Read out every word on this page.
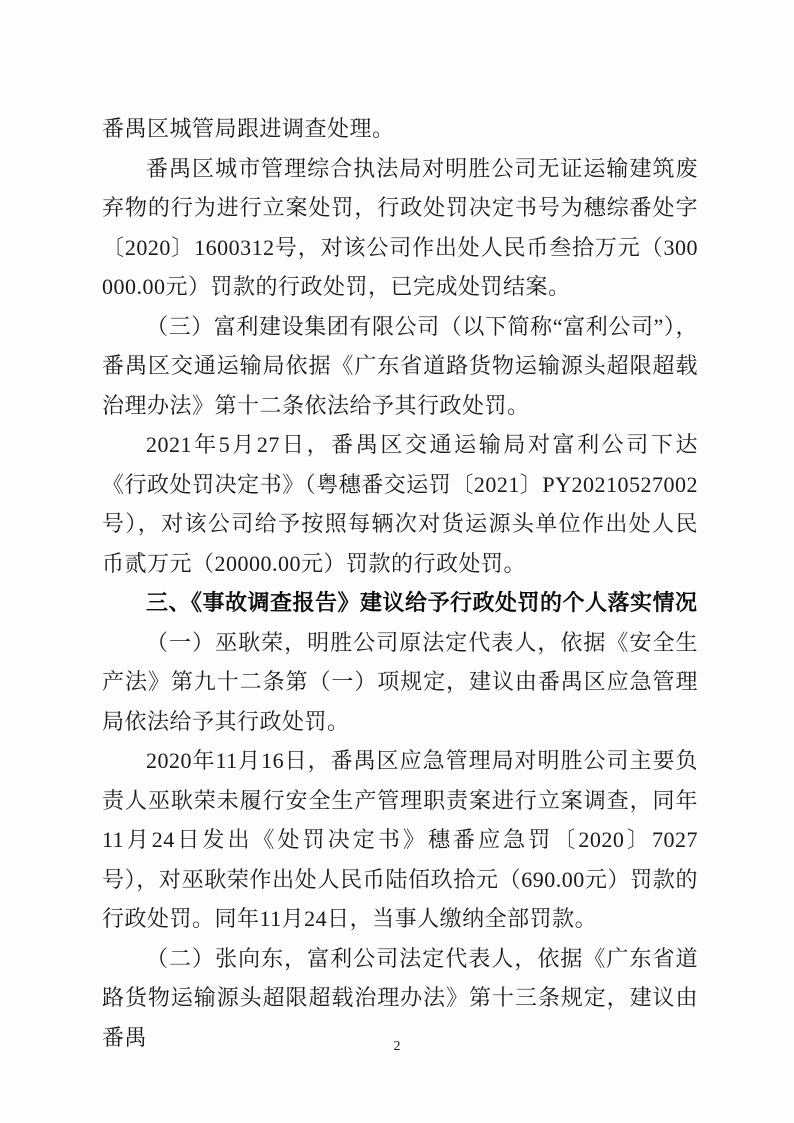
番禺区城管局跟进调查处理。

番禺区城市管理综合执法局对明胜公司无证运输建筑废弃物的行为进行立案处罚，行政处罚决定书号为穗综番处字〔2020〕1600312号，对该公司作出处人民币叁拾万元（300000.00元）罚款的行政处罚，已完成处罚结案。

（三）富利建设集团有限公司（以下简称“富利公司”），番禺区交通运输局依据《广东省道路货物运输源头超限超载治理办法》第十二条依法给予其行政处罚。

2021年5月27日，番禺区交通运输局对富利公司下达《行政处罚决定书》（粤穗番交运罚〔2021〕PY20210527002号），对该公司给予按照每辆次对货运源头单位作出处人民币贰万元（20000.00元）罚款的行政处罚。

三、《事故调查报告》建议给予行政处罚的个人落实情况

（一）巫耿荣，明胜公司原法定代表人，依据《安全生产法》第九十二条第（一）项规定，建议由番禺区应急管理局依法给予其行政处罚。

2020年11月16日，番禺区应急管理局对明胜公司主要负责人巫耿荣未履行安全生产管理职责案进行立案调查，同年11月24日发出《处罚决定书》穗番应急罚〔2020〕7027号），对巫耿荣作出处人民币陆佰玖拾元（690.00元）罚款的行政处罚。同年11月24日，当事人缴纳全部罚款。

（二）张向东，富利公司法定代表人，依据《广东省道路货物运输源头超限超载治理办法》第十三条规定，建议由番禺	2
